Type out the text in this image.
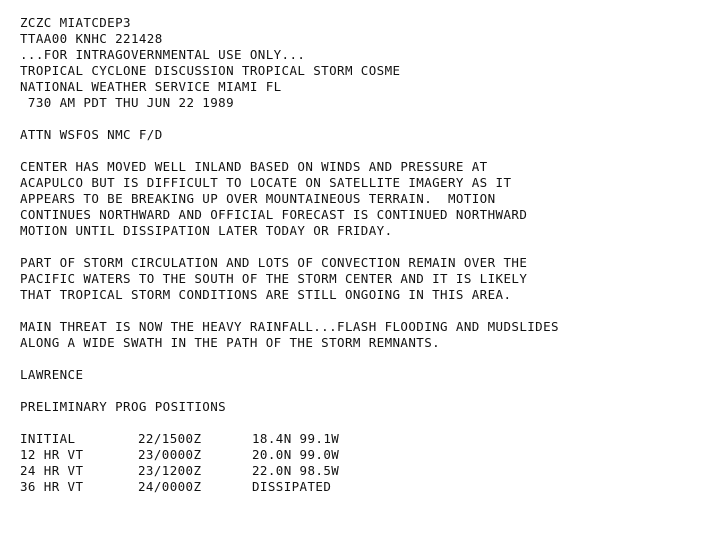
ZCZC MIATCDEP3
TTAA00 KNHC 221428
...FOR INTRAGOVERNMENTAL USE ONLY...
TROPICAL CYCLONE DISCUSSION TROPICAL STORM COSME
NATIONAL WEATHER SERVICE MIAMI FL
730 AM PDT THU JUN 22 1989
ATTN WSFOS NMC F/D
CENTER HAS MOVED WELL INLAND BASED ON WINDS AND PRESSURE AT
ACAPULCO BUT IS DIFFICULT TO LOCATE ON SATELLITE IMAGERY AS IT
APPEARS TO BE BREAKING UP OVER MOUNTAINEOUS TERRAIN.  MOTION
CONTINUES NORTHWARD AND OFFICIAL FORECAST IS CONTINUED NORTHWARD
MOTION UNTIL DISSIPATION LATER TODAY OR FRIDAY.
PART OF STORM CIRCULATION AND LOTS OF CONVECTION REMAIN OVER THE
PACIFIC WATERS TO THE SOUTH OF THE STORM CENTER AND IT IS LIKELY
THAT TROPICAL STORM CONDITIONS ARE STILL ONGOING IN THIS AREA.
MAIN THREAT IS NOW THE HEAVY RAINFALL...FLASH FLOODING AND MUDSLIDES
ALONG A WIDE SWATH IN THE PATH OF THE STORM REMNANTS.
LAWRENCE
PRELIMINARY PROG POSITIONS
INITIAL	22/1500Z	18.4N 99.1W
12 HR VT	23/0000Z	20.0N 99.0W
24 HR VT	23/1200Z	22.0N 98.5W
36 HR VT	24/0000Z	DISSIPATED
